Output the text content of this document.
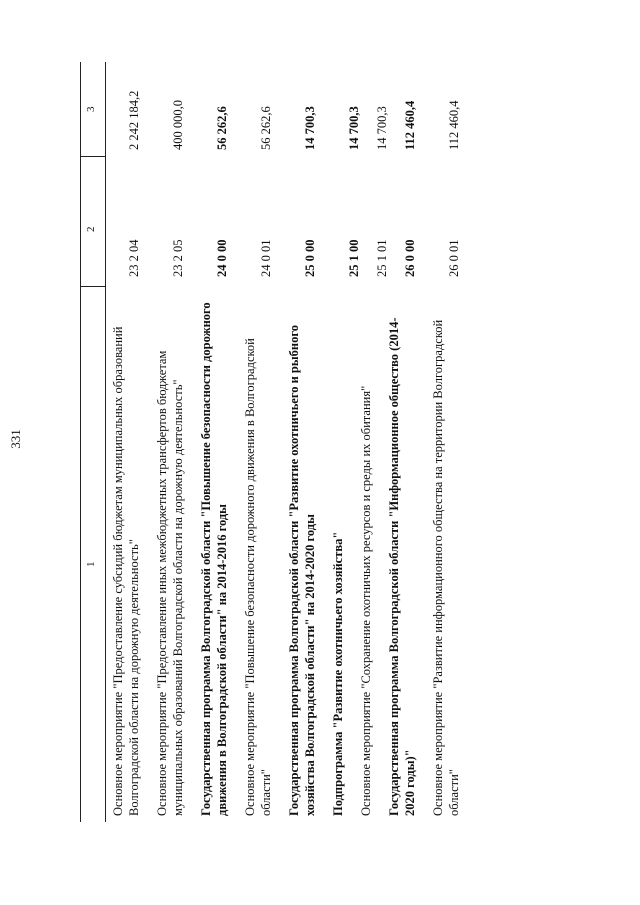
331
1
2
3
Основное мероприятие "Предоставление субсидий бюджетам муниципальных образований Волгоградской области на дорожную деятельность"
23 2 04
2 242 184,2
Основное мероприятие "Предоставление иных межбюджетных трансфертов бюджетам муниципальных образований Волгоградской области на дорожную деятельность"
23 2 05
400 000,0
Государственная программа Волгоградской области "Повышение безопасности дорожного движения в Волгоградской области" на 2014-2016 годы
24 0 00
56 262,6
Основное мероприятие "Повышение безопасности дорожного движения в Волгоградской области"
24 0 01
56 262,6
Государственная программа Волгоградской области "Развитие охотничьего и рыбного хозяйства Волгоградской области" на 2014-2020 годы
25 0 00
14 700,3
Подпрограмма "Развитие охотничьего хозяйства"
25 1 00
14 700,3
Основное мероприятие "Сохранение охотничьих ресурсов и среды их обитания"
25 1 01
14 700,3
Государственная программа Волгоградской области "Информационное общество (2014-2020 годы)"
26 0 00
112 460,4
Основное мероприятие "Развитие информационного общества на территории Волгоградской области"
26 0 01
112 460,4
